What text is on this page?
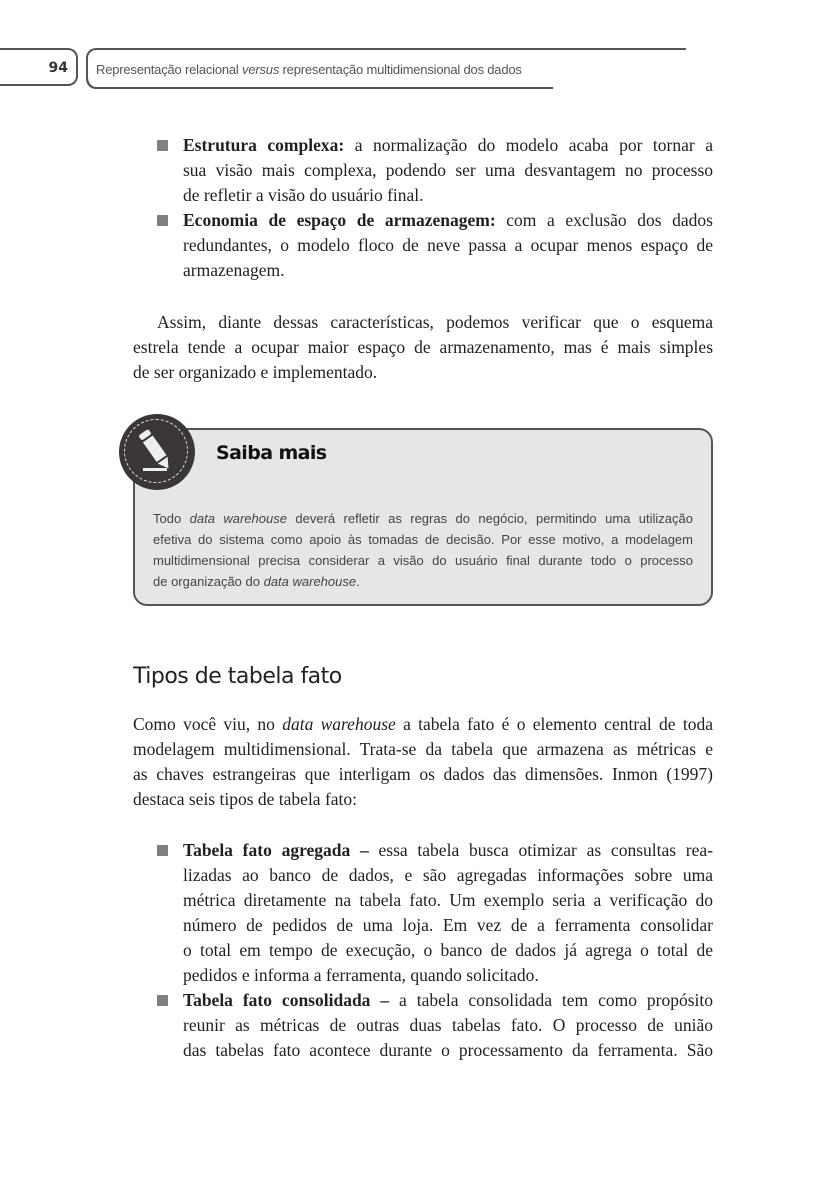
94 Representação relacional versus representação multidimensional dos dados
Estrutura complexa: a normalização do modelo acaba por tornar a
sua visão mais complexa, podendo ser uma desvantagem no processo
de refletir a visão do usuário final.
Economia de espaço de armazenagem: com a exclusão dos dados
redundantes, o modelo floco de neve passa a ocupar menos espaço de
armazenagem.
Assim, diante dessas características, podemos verificar que o esquema
estrela tende a ocupar maior espaço de armazenamento, mas é mais simples
de ser organizado e implementado.
Saiba mais
Todo data warehouse deverá refletir as regras do negócio, permitindo uma utilização
efetiva do sistema como apoio às tomadas de decisão. Por esse motivo, a modelagem
multidimensional precisa considerar a visão do usuário final durante todo o processo
de organização do data warehouse.
Tipos de tabela fato
Como você viu, no data warehouse a tabela fato é o elemento central de toda
modelagem multidimensional. Trata-se da tabela que armazena as métricas e
as chaves estrangeiras que interligam os dados das dimensões. Inmon (1997)
destaca seis tipos de tabela fato:
Tabela fato agregada – essa tabela busca otimizar as consultas rea-
lizadas ao banco de dados, e são agregadas informações sobre uma
métrica diretamente na tabela fato. Um exemplo seria a verificação do
número de pedidos de uma loja. Em vez de a ferramenta consolidar
o total em tempo de execução, o banco de dados já agrega o total de
pedidos e informa a ferramenta, quando solicitado.
Tabela fato consolidada – a tabela consolidada tem como propósito
reunir as métricas de outras duas tabelas fato. O processo de união
das tabelas fato acontece durante o processamento da ferramenta. São
